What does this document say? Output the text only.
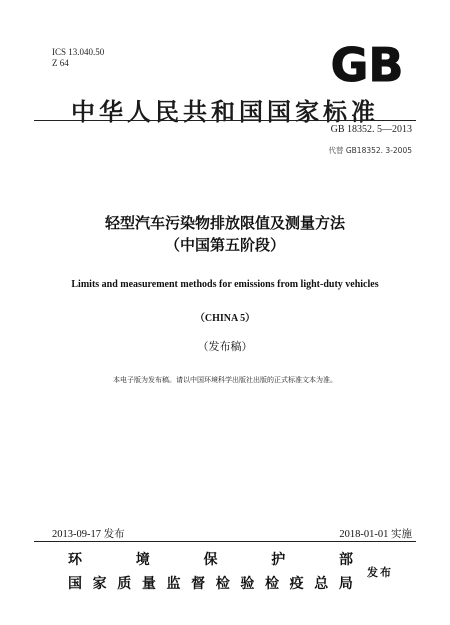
ICS 13.040.50
Z 64	GB
中华人民共和国国家标准
GB 18352. 5—2013
代替 GB18352. 3-2005
轻型汽车污染物排放限值及测量方法
（中国第五阶段）
Limits and measurement methods for emissions from light-duty vehicles
（CHINA 5）
（发布稿）
本电子版为发布稿。请以中国环境科学出版社出版的正式标准文本为准。
2013-09-17 发布	2018-01-01 实施
环	境	保	护	部
国 家 质 量 监 督 检 验 检 疫 总 局
发布
